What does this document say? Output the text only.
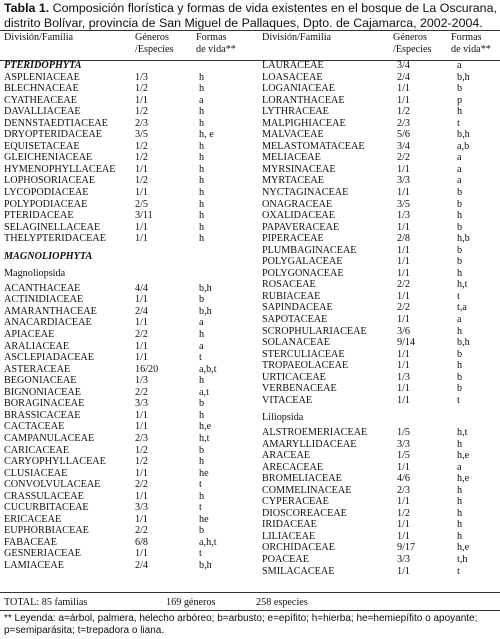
Tabla 1. Composición florística y formas de vida existentes en el bosque de La Oscurana, distrito Bolívar, provincia de San Miguel de Pallaques, Dpto. de Cajamarca, 2002-2004.
División/Familia	Géneros
/Especies
Formas
de vida**
PTERIDOPHYTA
ASPLENIACEAE	1/3	h
BLECHNACEAE	1/2	h
CYATHEACEAE	1/1	a
DAVALLIACEAE	1/2	h
DENNSTAEDTIACEAE	2/3	h
DRYOPTERIDACEAE	3/5	h, e
EQUISETACEAE	1/2	h
GLEICHENIACEAE	1/2	h
HYMENOPHYLLACEAE 1/1	h
LOPHOSORIACEAE	1/2	h
LYCOPODIACEAE	1/1	h
POLYPODIACEAE	2/5	h
PTERIDACEAE	3/11	h
SELAGINELLACEAE	1/1	h
THELYPTERIDACEAE	1/1	h
MAGNOLIOPHYTA
Magnoliopsida
ACANTHACEAE	4/4	b,h
ACTINIDIACEAE	1/1	b
AMARANTHACEAE	2/4	b,h
ANACARDIACEAE	1/1	a
APIACEAE	2/2	h
ARALIACEAE	1/1	a
ASCLEPIADACEAE	1/1	t
ASTERACEAE	16/20	a,b,t
BEGONIACEAE	1/3	h
BIGNONIACEAE	2/2	a,t
BORAGINACEAE	3/3	b
BRASSICACEAE	1/1	h
CACTACEAE	1/1	h,e
CAMPANULACEAE	2/3	h,t
CARICACEAE	1/2	b
CARYOPHYLLACEAE	1/2	h
CLUSIACEAE	1/1	he
CONVOLVULACEAE	2/2	t
CRASSULACEAE	1/1	h
CUCURBITACEAE	3/3	t
ERICACEAE	1/1	he
EUPHORBIACEAE	2/2	b
FABACEAE	6/8	a,h,t
GESNERIACEAE	1/1	t
LAMIACEAE	2/4	b,h
División/Familia	Géneros
/Especies
Formas
de vida**
LAURACEAE	3/4	a
LOASACEAE	2/4	b,h
LOGANIACEAE	1/1	b
LORANTHACEAE	1/1	p
LYTHRACEAE	1/2	h
MALPIGHIACEAE	2/3	t
MALVACEAE	5/6	b,h
MELASTOMATACEAE	3/4	a,b
MELIACEAE	2/2	a
MYRSINACEAE	1/1	a
MYRTACEAE	3/3	a
NYCTAGINACEAE	1/1	b
ONAGRACEAE	3/5	b
OXALIDACEAE	1/3	h
PAPAVERACEAE	1/1	b
PIPERACEAE	2/8	h,b
PLUMBAGINACEAE	1/1	b
POLYGALACEAE	1/1	b
POLYGONACEAE	1/1	h
ROSACEAE	2/2	h,t
RUBIACEAE	1/1	t
SAPINDACEAE	2/2	t,a
SAPOTACEAE	1/1	a
SCROPHULARIACEAE	3/6	h
SOLANACEAE	9/14	b,h
STERCULIACEAE	1/1	b
TROPAEOLACEAE	1/1	h
URTICACEAE	1/3	b
VERBENACEAE	1/1	b
VITACEAE	1/1	t
Liliopsida
ALSTROEMERIACEAE	1/5	h,t
AMARYLLIDACEAE	3/3	h
ARACEAE	1/5	h,e
ARECACEAE	1/1	a
BROMELIACEAE	4/6	h,e
COMMELINACEAE	2/3	h
CYPERACEAE	1/1	h
DIOSCOREACEAE	1/2	h
IRIDACEAE	1/1	h
LILIACEAE	1/1	h
ORCHIDACEAE	9/17	h,e
POACEAE	3/3	t,h
SMILACACEAE	1/1	t
TOTAL: 85 familias	169 géneros	258 especies
** Leyenda: a=árbol, palmera, helecho arbóreo; b=arbusto; e=epífito; h=hierba; he=hemiepífito o apoyante; p=semiparásita; t=trepadora o liana.
